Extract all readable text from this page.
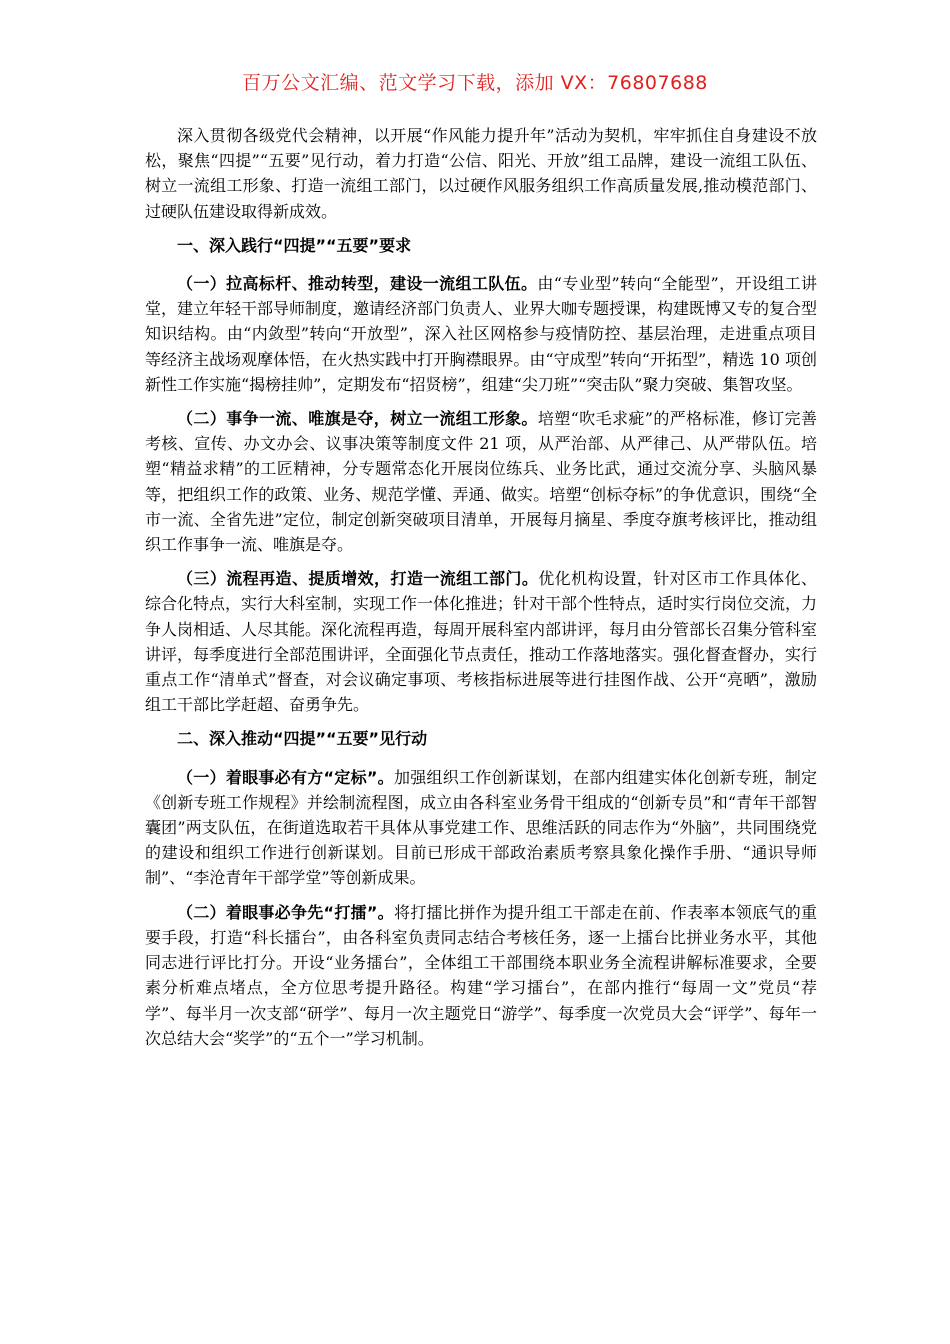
百万公文汇编、范文学习下载，添加 VX：76807688

深入贯彻各级党代会精神，以开展“作风能力提升年”活动为契机，牢牢抓住自身建设不放松，聚焦“四提”“五要”见行动，着力打造“公信、阳光、开放”组工品牌，建设一流组工队伍、树立一流组工形象、打造一流组工部门，以过硬作风服务组织工作高质量发展,推动模范部门、过硬队伍建设取得新成效。

一、深入践行“四提”“五要”要求

（一）拉高标杆、推动转型，建设一流组工队伍。由“专业型”转向“全能型”，开设组工讲堂，建立年轻干部导师制度，邀请经济部门负责人、业界大咖专题授课，构建既博又专的复合型知识结构。由“内敛型”转向“开放型”，深入社区网格参与疫情防控、基层治理，走进重点项目等经济主战场观摩体悟，在火热实践中打开胸襟眼界。由“守成型”转向“开拓型”，精选 10 项创新性工作实施“揭榜挂帅”，定期发布“招贤榜”，组建“尖刀班”“突击队”聚力突破、集智攻坚。

（二）事争一流、唯旗是夺，树立一流组工形象。培塑“吹毛求疵”的严格标准，修订完善考核、宣传、办文办会、议事决策等制度文件 21 项，从严治部、从严律己、从严带队伍。培塑“精益求精”的工匠精神，分专题常态化开展岗位练兵、业务比武，通过交流分享、头脑风暴等，把组织工作的政策、业务、规范学懂、弄通、做实。培塑“创标夺标”的争优意识，围绕“全市一流、全省先进”定位，制定创新突破项目清单，开展每月摘星、季度夺旗考核评比，推动组织工作事争一流、唯旗是夺。

（三）流程再造、提质增效，打造一流组工部门。优化机构设置，针对区市工作具体化、综合化特点，实行大科室制，实现工作一体化推进；针对干部个性特点，适时实行岗位交流，力争人岗相适、人尽其能。深化流程再造，每周开展科室内部讲评，每月由分管部长召集分管科室讲评，每季度进行全部范围讲评，全面强化节点责任，推动工作落地落实。强化督查督办，实行重点工作“清单式”督查，对会议确定事项、考核指标进展等进行挂图作战、公开“亮晒”，激励组工干部比学赶超、奋勇争先。

二、深入推动“四提”“五要”见行动

（一）着眼事必有方“定标”。加强组织工作创新谋划，在部内组建实体化创新专班，制定《创新专班工作规程》并绘制流程图，成立由各科室业务骨干组成的“创新专员”和“青年干部智囊团”两支队伍，在街道选取若干具体从事党建工作、思维活跃的同志作为“外脑”，共同围绕党的建设和组织工作进行创新谋划。目前已形成干部政治素质考察具象化操作手册、“通识导师制”、“李沧青年干部学堂”等创新成果。

（二）着眼事必争先“打擂”。将打擂比拼作为提升组工干部走在前、作表率本领底气的重要手段，打造“科长擂台”，由各科室负责同志结合考核任务，逐一上擂台比拼业务水平，其他同志进行评比打分。开设“业务擂台”，全体组工干部围绕本职业务全流程讲解标准要求，全要素分析难点堵点，全方位思考提升路径。构建“学习擂台”，在部内推行“每周一文”党员“荐学”、每半月一次支部“研学”、每月一次主题党日“游学”、每季度一次党员大会“评学”、每年一次总结大会“奖学”的“五个一”学习机制。
